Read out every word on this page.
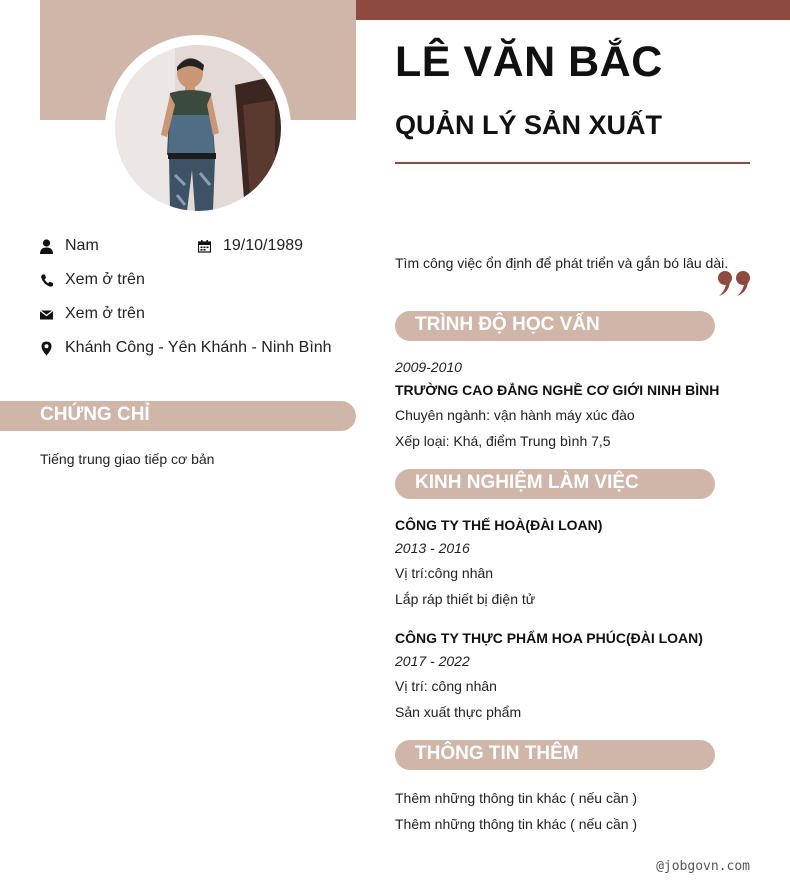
LÊ VĂN BẮC
QUẢN LÝ SẢN XUẤT
Nam	19/10/1989
Xem ở trên
Xem ở trên
Khánh Công - Yên Khánh - Ninh Bình
CHỨNG CHỈ
Tiếng trung giao tiếp cơ bản
Tìm công việc ổn định để phát triển và gắn bó lâu dài.
TRÌNH ĐỘ HỌC VẤN
2009-2010
TRƯỜNG CAO ĐẲNG NGHỀ CƠ GIỚI NINH BÌNH
Chuyên ngành: vận hành máy xúc đào
Xếp loại: Khá, điểm Trung bình 7,5
KINH NGHIỆM LÀM VIỆC
CÔNG TY THẾ HOÀ(ĐÀI LOAN)
2013 - 2016
Vị trí:công nhân
Lắp ráp thiết bị điện tử
CÔNG TY THỰC PHẨM HOA PHÚC(ĐÀI LOAN)
2017 - 2022
Vị trí: công nhân
Sản xuất thực phẩm
THÔNG TIN THÊM
Thêm những thông tin khác ( nếu cần )
Thêm những thông tin khác ( nếu cần )
@jobgovn.com
